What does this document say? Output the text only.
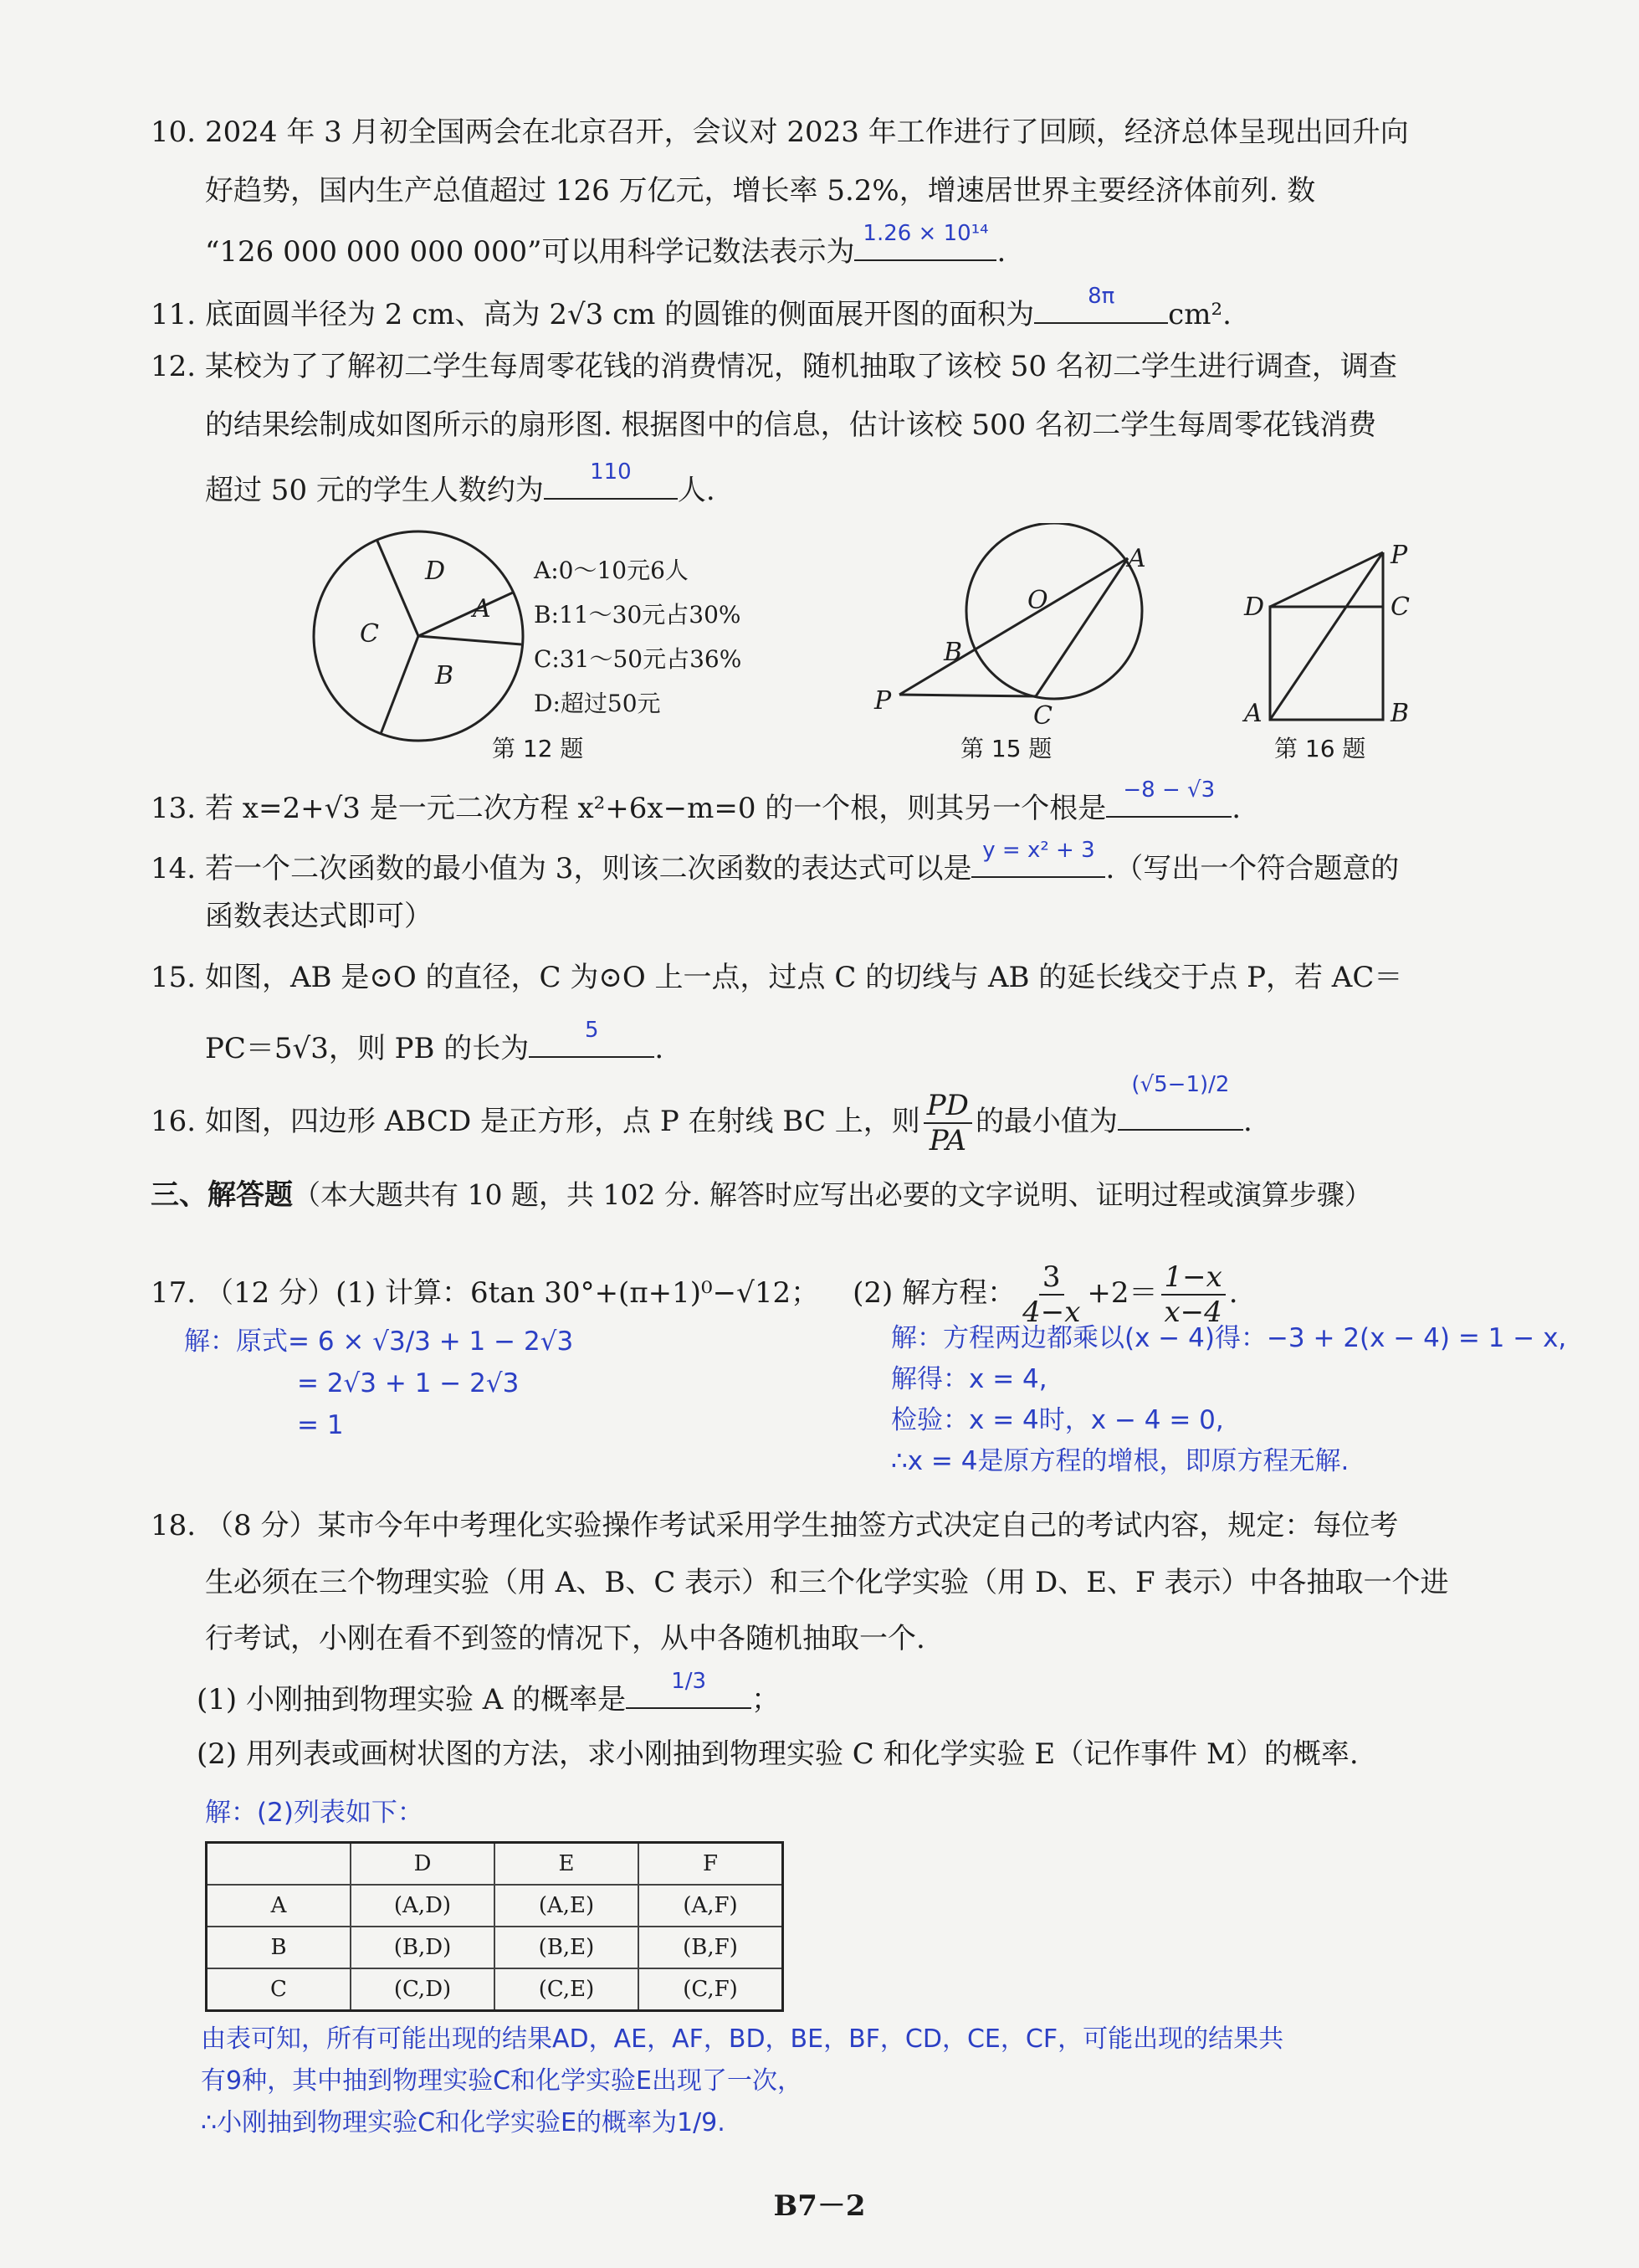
10. 2024 年 3 月初全国两会在北京召开，会议对 2023 年工作进行了回顾，经济总体呈现出回升向
好趋势，国内生产总值超过 126 万亿元，增长率 5.2%，增速居世界主要经济体前列. 数
“126 000 000 000 000”可以用科学记数法表示为
1.26 × 10¹⁴
.
11. 底面圆半径为 2 cm、高为 2√3 cm 的圆锥的侧面展开图的面积为
8π
cm².
12. 某校为了了解初二学生每周零花钱的消费情况，随机抽取了该校 50 名初二学生进行调查，调查
的结果绘制成如图所示的扇形图. 根据图中的信息，估计该校 500 名初二学生每周零花钱消费
超过 50 元的学生人数约为
110
人.
D
A
C
B
A:0～10元6人
B:11～30元占30%
C:31～50元占36%
D:超过50元
第 12 题
A
O
B
P
C
第 15 题
P
D	C
A	B
第 16 题
13. 若 x=2+√3 是一元二次方程 x²+6x−m=0 的一个根，则其另一个根是
−8 − √3
.
14. 若一个二次函数的最小值为 3，则该二次函数的表达式可以是
y = x² + 3
.（写出一个符合题意的
函数表达式即可）
15. 如图，AB 是⊙O 的直径，C 为⊙O 上一点，过点 C 的切线与 AB 的延长线交于点 P，若 AC＝
PC＝5√3，则 PB 的长为
5
.
16. 如图，四边形 ABCD 是正方形，点 P 在射线 BC 上，则 $\frac{PD}{PA}$ 的最小值为
(√5−1)/2
.
三、解答题（本大题共有 10 题，共 102 分. 解答时应写出必要的文字说明、证明过程或演算步骤）
17. （12 分）(1) 计算：6tan 30°+(π+1)⁰−√12； (2) 解方程： $\frac{3}{4-x} +2= \frac{1-x}{x-4}$ .
解：原式= 6 × √3/3 + 1 − 2√3
= 2√3 + 1 − 2√3
= 1
解：方程两边都乘以(x − 4)得：−3 + 2(x − 4) = 1 − x,
解得：x = 4,
检验：x = 4时，x − 4 = 0,
∴x = 4是原方程的增根，即原方程无解.
18. （8 分）某市今年中考理化实验操作考试采用学生抽签方式决定自己的考试内容，规定：每位考
生必须在三个物理实验（用 A、B、C 表示）和三个化学实验（用 D、E、F 表示）中各抽取一个进
行考试，小刚在看不到签的情况下，从中各随机抽取一个.
(1) 小刚抽到物理实验 A 的概率是
1/3
；
(2) 用列表或画树状图的方法，求小刚抽到物理实验 C 和化学实验 E（记作事件 M）的概率.
解：(2)列表如下：
	D	E	F
A	(A,D)	(A,E)	(A,F)
B	(B,D)	(B,E)	(B,F)
C	(C,D)	(C,E)	(C,F)
由表可知，所有可能出现的结果AD，AE，AF，BD，BE，BF，CD，CE，CF，可能出现的结果共
有9种，其中抽到物理实验C和化学实验E出现了一次，
∴小刚抽到物理实验C和化学实验E的概率为1/9.
B7－2
